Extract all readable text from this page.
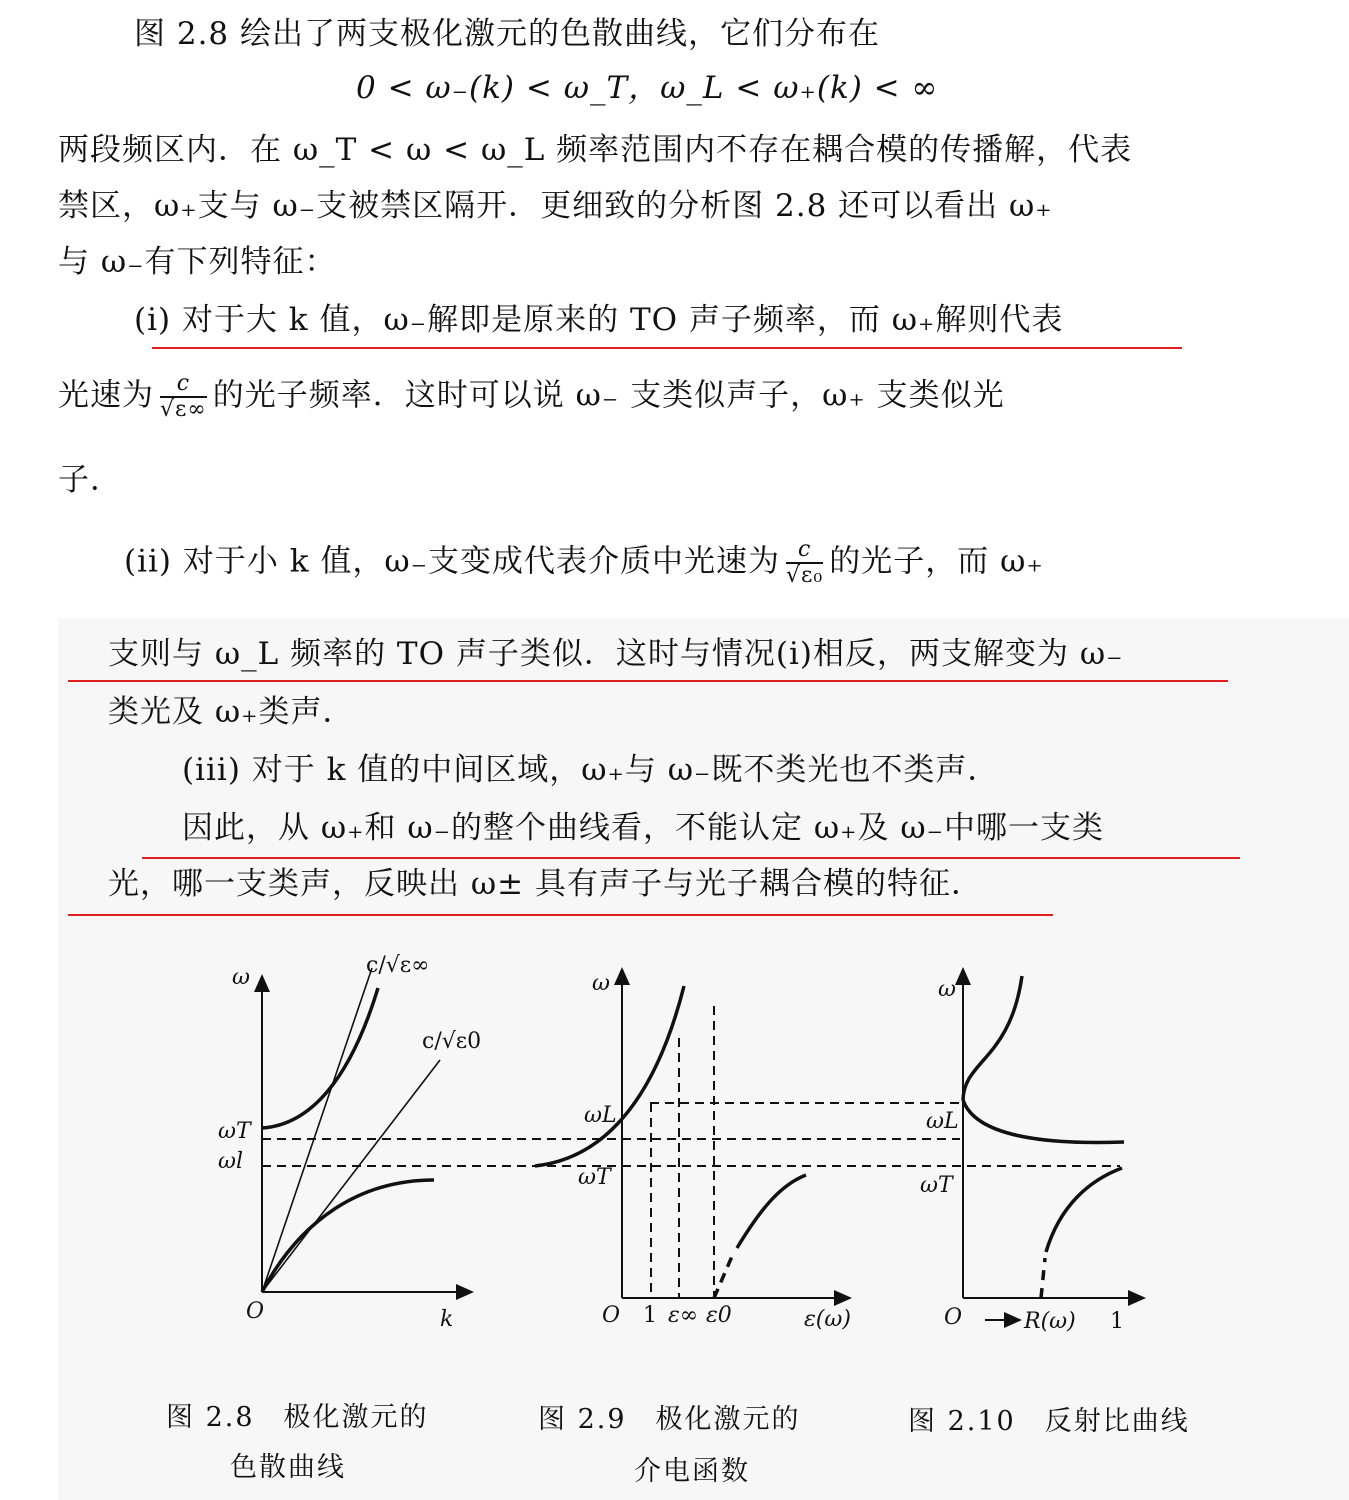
图 2.8 绘出了两支极化激元的色散曲线，它们分布在
0 < ω₋(k) < ω_T，ω_L < ω₊(k) < ∞
两段频区内．在 ω_T < ω < ω_L 频率范围内不存在耦合模的传播解，代表
禁区，ω₊支与 ω₋支被禁区隔开．更细致的分析图 2.8 还可以看出 ω₊
与 ω₋有下列特征：
(i) 对于大 k 值，ω₋解即是原来的 TO 声子频率，而 ω₊解则代表
光速为 $\frac{c}{√\varepsilon\infty}$ 的光子频率．这时可以说 ω₋ 支类似声子，ω₊ 支类似光
子．
(ii) 对于小 k 值，ω₋支变成代表介质中光速为 $\frac{c}{\text{√ε₀}}$ 的光子，而 ω₊
支则与 ω_L 频率的 TO 声子类似．这时与情况(i)相反，两支解变为 ω₋
类光及 ω₊类声．
(iii) 对于 k 值的中间区域，ω₊与 ω₋既不类光也不类声．
因此，从 ω₊和 ω₋的整个曲线看，不能认定 ω₊及 ω₋中哪一支类
光，哪一支类声，反映出 ω± 具有声子与光子耦合模的特征．
ω
k
O
ωT
ωl
c/√ε∞
c/√ε0
ω
ωL
ωT
O 1 ε∞ ε0	ε(ω)
ω
ωL
ωT
O	R(ω) 1
图 2.8　极化激元的
色散曲线
图 2.9　极化激元的
介电函数
图 2.10　反射比曲线
